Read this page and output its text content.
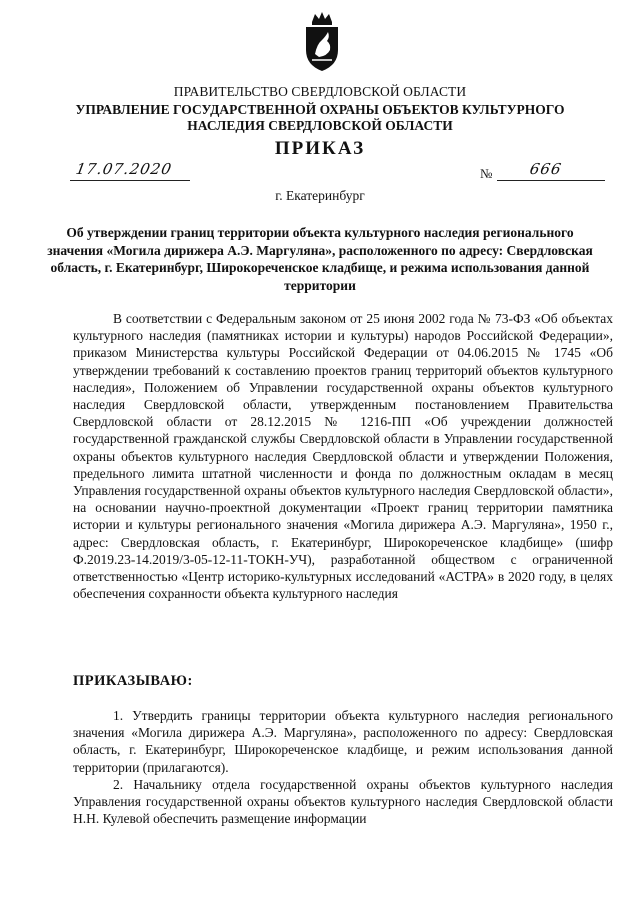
ПРАВИТЕЛЬСТВО СВЕРДЛОВСКОЙ ОБЛАСТИ
УПРАВЛЕНИЕ ГОСУДАРСТВЕННОЙ ОХРАНЫ ОБЪЕКТОВ КУЛЬТУРНОГО НАСЛЕДИЯ СВЕРДЛОВСКОЙ ОБЛАСТИ
ПРИКАЗ
17.07.2020	№ 666
г. Екатеринбург
Об утверждении границ территории объекта культурного наследия регионального значения «Могила дирижера А.Э. Маргуляна», расположенного по адресу: Свердловская область, г. Екатеринбург, Широкореченское кладбище, и режима использования данной территории
В соответствии с Федеральным законом от 25 июня 2002 года № 73-ФЗ «Об объектах культурного наследия (памятниках истории и культуры) народов Российской Федерации», приказом Министерства культуры Российской Федерации от 04.06.2015 № 1745 «Об утверждении требований к составлению проектов границ территорий объектов культурного наследия», Положением об Управлении государственной охраны объектов культурного наследия Свердловской области, утвержденным постановлением Правительства Свердловской области от 28.12.2015 № 1216-ПП «Об учреждении должностей государственной гражданской службы Свердловской области в Управлении государственной охраны объектов культурного наследия Свердловской области и утверждении Положения, предельного лимита штатной численности и фонда по должностным окладам в месяц Управления государственной охраны объектов культурного наследия Свердловской области», на основании научно-проектной документации «Проект границ территории памятника истории и культуры регионального значения «Могила дирижера А.Э. Маргуляна», 1950 г., адрес: Свердловская область, г. Екатеринбург, Широкореченское кладбище» (шифр Ф.2019.23-14.2019/3-05-12-11-ТОКН-УЧ), разработанной обществом с ограниченной ответственностью «Центр историко-культурных исследований «АСТРА» в 2020 году, в целях обеспечения сохранности объекта культурного наследия
ПРИКАЗЫВАЮ:
1. Утвердить границы территории объекта культурного наследия регионального значения «Могила дирижера А.Э. Маргуляна», расположенного по адресу: Свердловская область, г. Екатеринбург, Широкореченское кладбище, и режим использования данной территории (прилагаются).
2. Начальнику отдела государственной охраны объектов культурного наследия Управления государственной охраны объектов культурного наследия Свердловской области Н.Н. Кулевой обеспечить размещение информации
